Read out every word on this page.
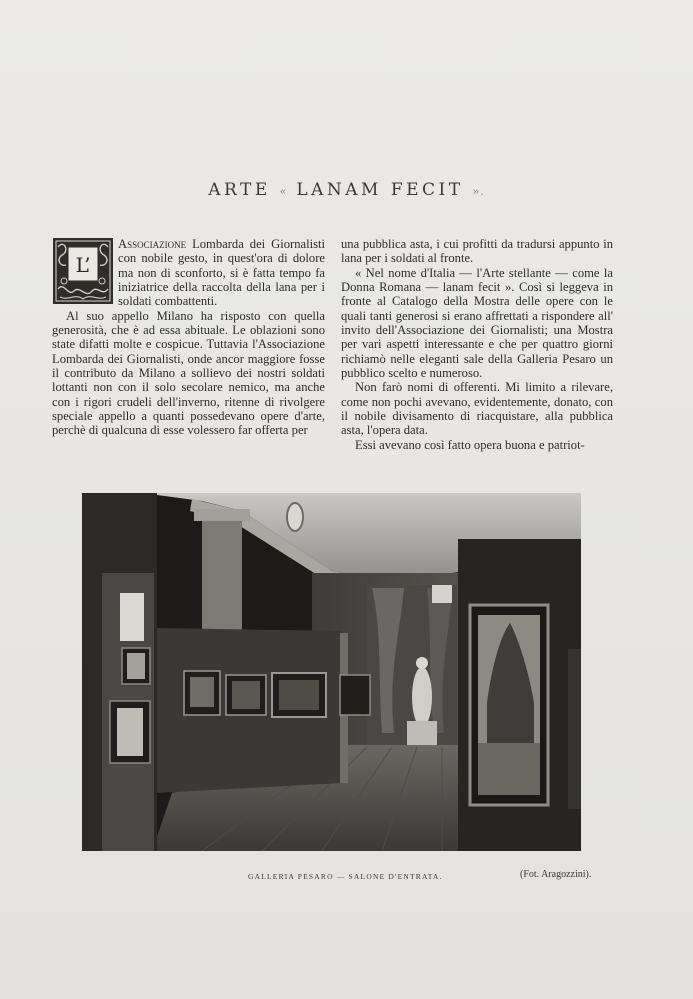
ARTE « LANAM FECIT ».
L’

Associazione Lombarda dei Giornalisti con nobile gesto, in quest'ora di dolore ma non di sconforto, si è fatta tempo fa iniziatrice della raccolta della lana per i soldati combattenti.

Al suo appello Milano ha risposto con quella generosità, che è ad essa abituale. Le oblazioni sono state difatti molte e cospicue. Tuttavia l'Associazione Lombarda dei Giornalisti, onde ancor maggiore fosse il contributo da Milano a sollievo dei nostri soldati lottanti non con il solo secolare nemico, ma anche con i rigori crudeli dell'inverno, ritenne di rivolgere speciale appello a quanti possedevano opere d'arte, perchè di qualcuna di esse volessero far offerta per

una pubblica asta, i cui profitti da tradursi appunto in lana per i soldati al fronte.

« Nel nome d'Italia — l'Arte stellante — come la Donna Romana — lanam fecit ». Così si leggeva in fronte al Catalogo della Mostra delle opere con le quali tanti generosi si erano affrettati a rispondere all' invito dell'Associazione dei Giornalisti; una Mostra per vari aspetti interessante e che per quattro giorni richiamò nelle eleganti sale della Galleria Pesaro un pubblico scelto e numeroso.

Non farò nomi di offerenti. Mi limito a rilevare, come non pochi avevano, evidentemente, donato, con il nobile divisamento di riacquistare, alla pubblica asta, l'opera data.

Essi avevano così fatto opera buona e patriot-

GALLERIA PESARO — SALONE D'ENTRATA.	(Fot. Aragozzini).
